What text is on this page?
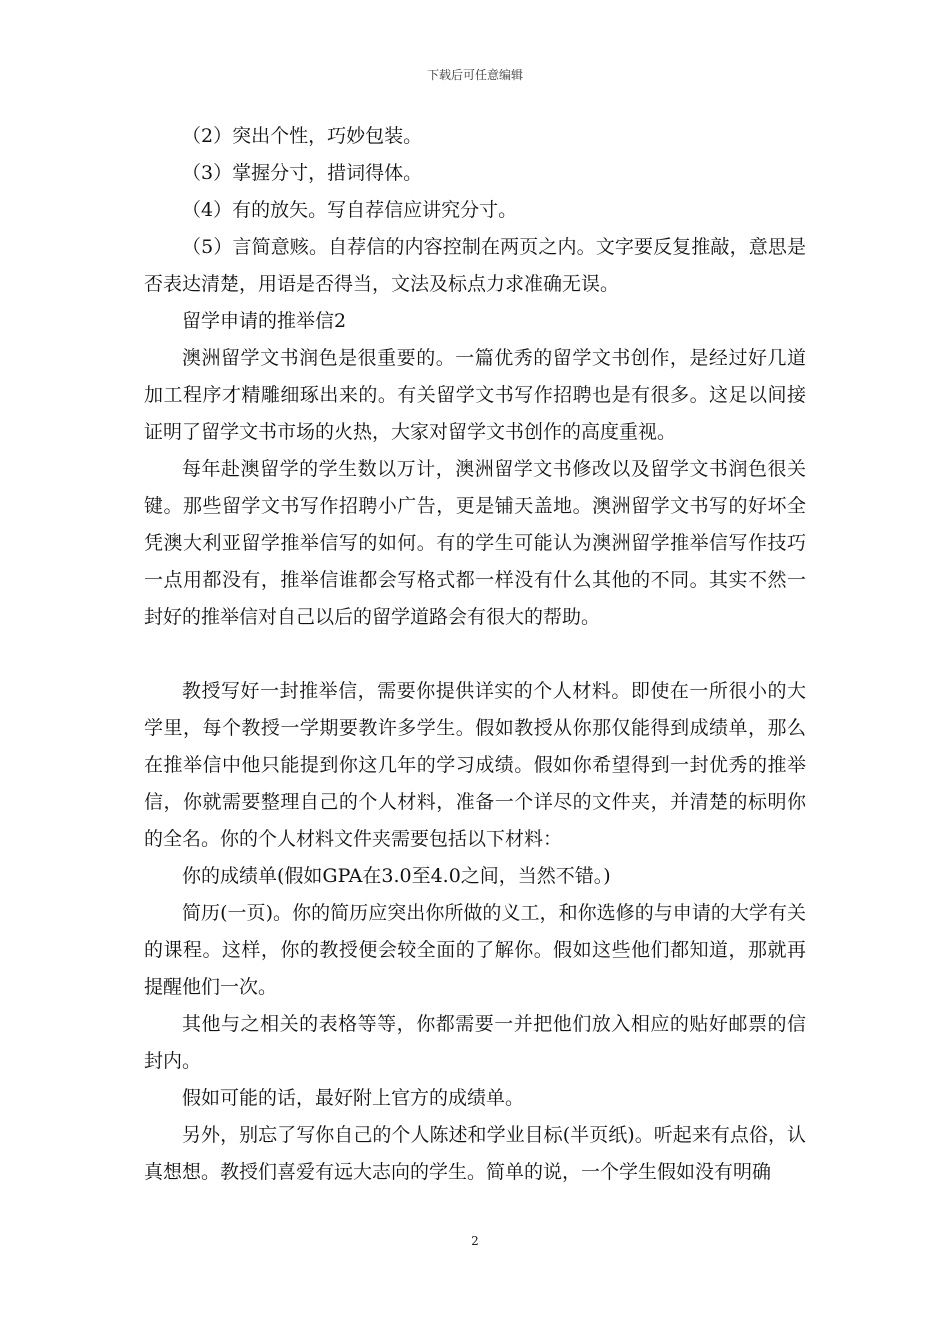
下载后可任意编辑

（2）突出个性，巧妙包装。

（3）掌握分寸，措词得体。

（4）有的放矢。写自荐信应讲究分寸。

（5）言简意赅。自荐信的内容控制在两页之内。文字要反复推敲，意思是否表达清楚，用语是否得当，文法及标点力求准确无误。

留学申请的推举信2

澳洲留学文书润色是很重要的。一篇优秀的留学文书创作，是经过好几道加工程序才精雕细琢出来的。有关留学文书写作招聘也是有很多。这足以间接证明了留学文书市场的火热，大家对留学文书创作的高度重视。

每年赴澳留学的学生数以万计，澳洲留学文书修改以及留学文书润色很关键。那些留学文书写作招聘小广告，更是铺天盖地。澳洲留学文书写的好坏全凭澳大利亚留学推举信写的如何。有的学生可能认为澳洲留学推举信写作技巧一点用都没有，推举信谁都会写格式都一样没有什么其他的不同。其实不然一封好的推举信对自己以后的留学道路会有很大的帮助。

教授写好一封推举信，需要你提供详实的个人材料。即使在一所很小的大学里，每个教授一学期要教许多学生。假如教授从你那仅能得到成绩单，那么在推举信中他只能提到你这几年的学习成绩。假如你希望得到一封优秀的推举信，你就需要整理自己的个人材料，准备一个详尽的文件夹，并清楚的标明你的全名。你的个人材料文件夹需要包括以下材料：

你的成绩单(假如GPA在3.0至4.0之间，当然不错。)

简历(一页)。你的简历应突出你所做的义工，和你选修的与申请的大学有关的课程。这样，你的教授便会较全面的了解你。假如这些他们都知道，那就再提醒他们一次。

其他与之相关的表格等等，你都需要一并把他们放入相应的贴好邮票的信封内。

假如可能的话，最好附上官方的成绩单。

另外，别忘了写你自己的个人陈述和学业目标(半页纸)。听起来有点俗，认真想想。教授们喜爱有远大志向的学生。简单的说，一个学生假如没有明确

2
